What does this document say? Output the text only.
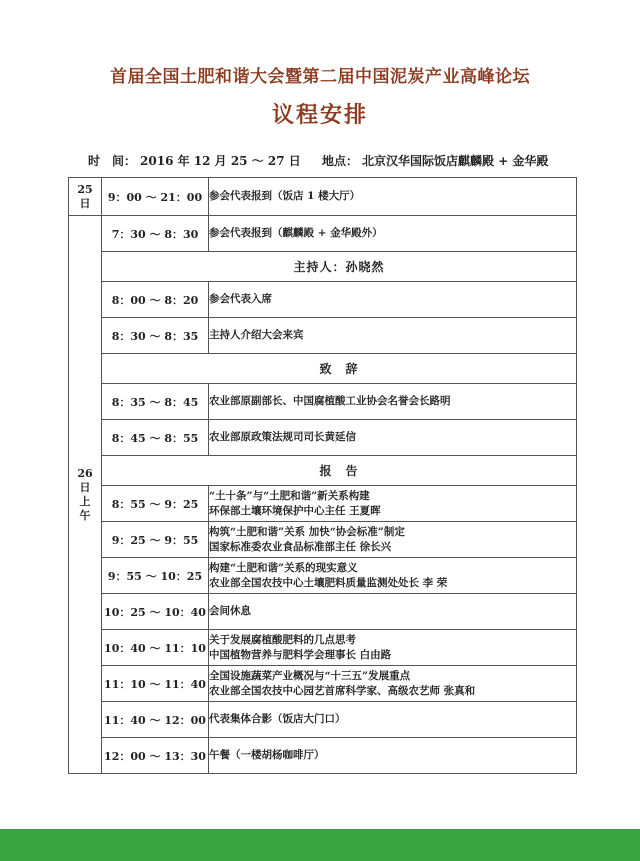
首届全国土肥和谐大会暨第二届中国泥炭产业高峰论坛
议程安排
时　间： 2016 年 12 月 25 ～ 27 日 地点： 北京汉华国际饭店麒麟殿 + 金华殿
25
日	9：00 ～ 21：00	参会代表报到（饭店 1 楼大厅）

26
日
上
午	7：30 ～ 8：30	参会代表报到（麒麟殿 + 金华殿外）
	主持人：孙晓然	
	8：00 ～ 8：20	参会代表入席
	8：30 ～ 8：35	主持人介绍大会来宾
	致　辞	
	8：35 ～ 8：45	农业部原副部长、中国腐植酸工业协会名誉会长路明
	8：45 ～ 8：55	农业部原政策法规司司长黄延信
	报　告	
	8：55 ～ 9：25	“土十条”与“土肥和谐”新关系构建
环保部土壤环境保护中心主任 王夏晖

	9：25 ～ 9：55	构筑“土肥和谐”关系 加快“协会标准”制定
国家标准委农业食品标准部主任 徐长兴

	9：55 ～ 10：25	构建“土肥和谐”关系的现实意义
农业部全国农技中心土壤肥料质量监测处处长 李 荣

	10：25 ～ 10：40	会间休息
	10：40 ～ 11：10	关于发展腐植酸肥料的几点思考
中国植物营养与肥料学会理事长 白由路

	11：10 ～ 11：40	全国设施蔬菜产业概况与“十三五”发展重点
农业部全国农技中心园艺首席科学家、高级农艺师 张真和

	11：40 ～ 12：00	代表集体合影（饭店大门口）
	12：00 ～ 13：30	午餐（一楼胡杨咖啡厅）
